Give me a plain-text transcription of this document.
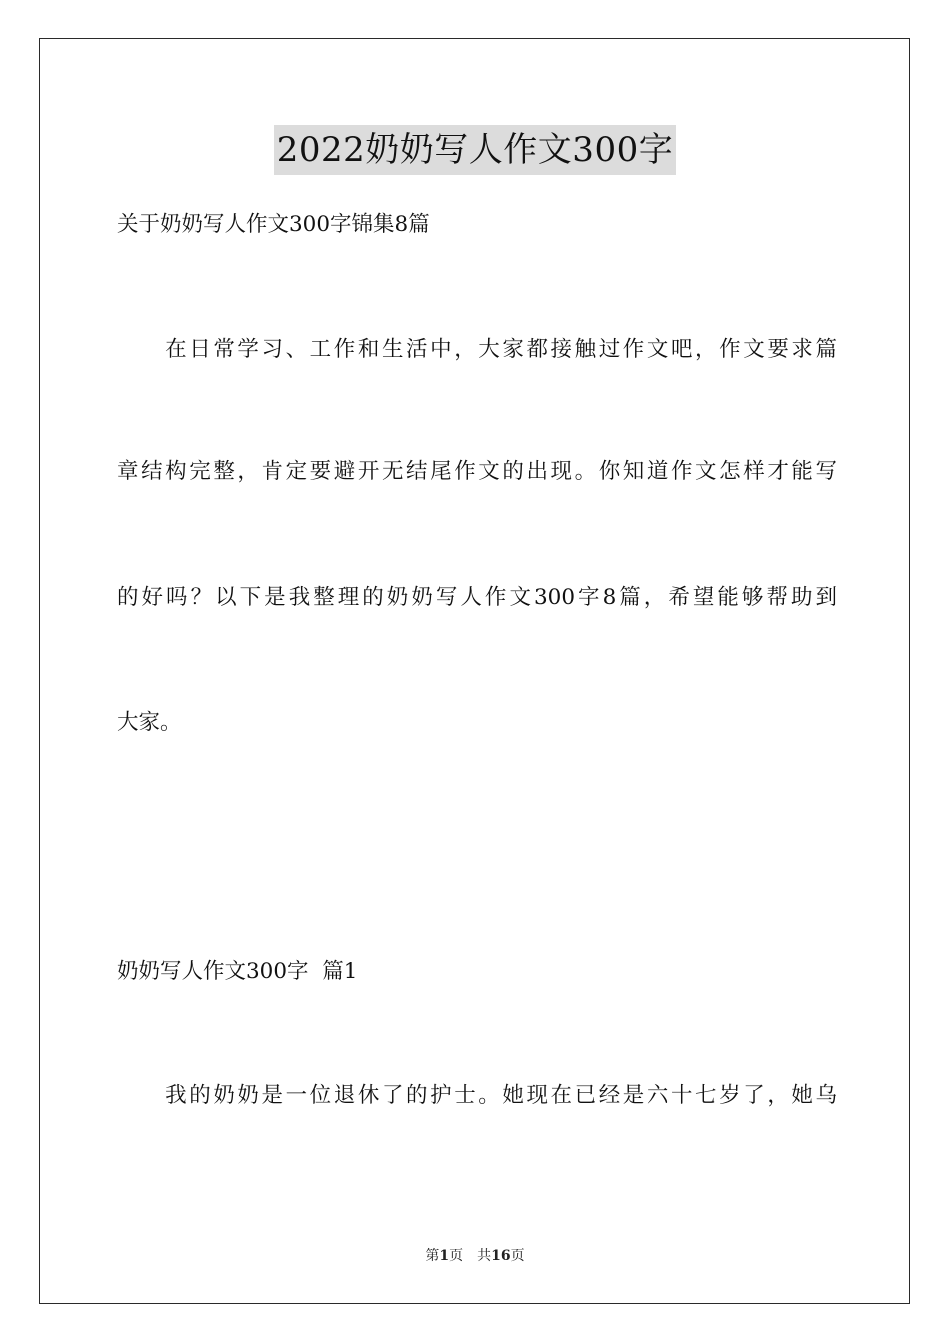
2022奶奶写人作文300字
关于奶奶写人作文300字锦集8篇
　　在日常学习、工作和生活中，大家都接触过作文吧，作文要求篇
章结构完整，肯定要避开无结尾作文的出现。你知道作文怎样才能写
的好吗？以下是我整理的奶奶写人作文300字8篇，希望能够帮助到
大家。
奶奶写人作文300字  篇1
　　我的奶奶是一位退休了的护士。她现在已经是六十七岁了，她乌
第1页 共16页
